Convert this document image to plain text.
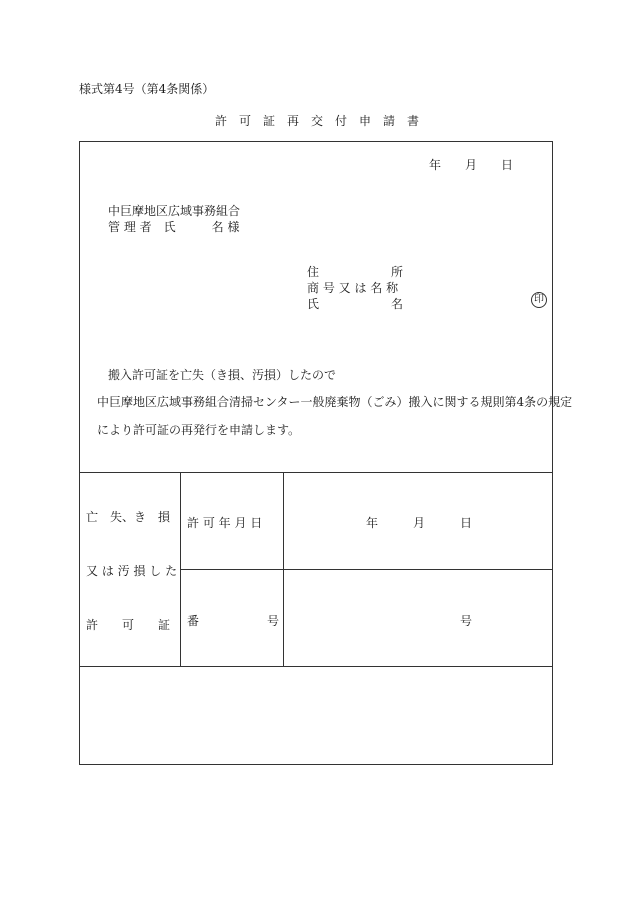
様式第4号（第4条関係）
許　可　証　再　交　付　申　請　書
年 月 日
中巨摩地区広域事務組合
管 理 者　氏　　　名 様
住　　　　　　所
商 号 又 は 名 称
氏　　　　　　名	印
搬入許可証を亡失（き損、汚損）したので
中巨摩地区広域事務組合清掃センター一般廃棄物（ごみ）搬入に関する規則第4条の規定
により許可証の再発行を申請します。
亡　失、き　損
又 は 汚 損 し た
許　　可　　証
許 可 年 月 日	年	月	日
番	号	号
